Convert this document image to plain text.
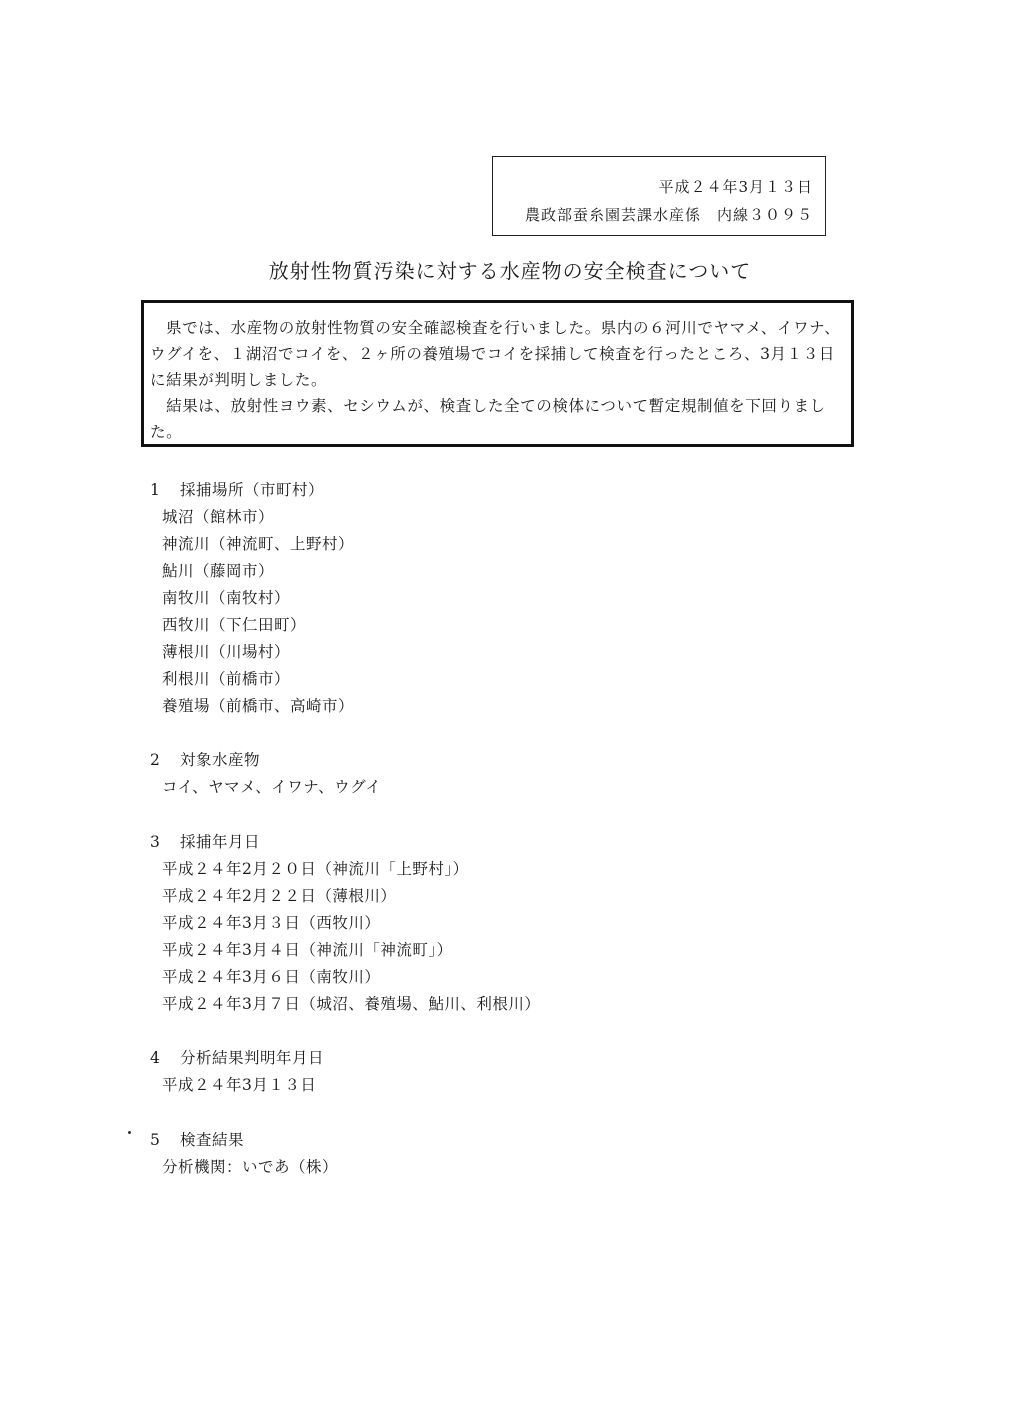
平成２４年3月１３日
農政部蚕糸園芸課水産係　内線３０９５
放射性物質汚染に対する水産物の安全検査について

　県では、水産物の放射性物質の安全確認検査を行いました。県内の６河川でヤマメ、イワナ、ウグイを、１湖沼でコイを、２ヶ所の養殖場でコイを採捕して検査を行ったところ、3月１３日に結果が判明しました。

　結果は、放射性ヨウ素、セシウムが、検査した全ての検体について暫定規制値を下回りました。

1 採捕場所（市町村）
城沼（館林市）
神流川（神流町、上野村）
鮎川（藤岡市）
南牧川（南牧村）
西牧川（下仁田町）
薄根川（川場村）
利根川（前橋市）
養殖場（前橋市、高崎市）
2 対象水産物
コイ、ヤマメ、イワナ、ウグイ
3 採捕年月日
平成２４年2月２０日（神流川「上野村」）
平成２４年2月２２日（薄根川）
平成２４年3月３日（西牧川）
平成２４年3月４日（神流川「神流町」）
平成２４年3月６日（南牧川）
平成２４年3月７日（城沼、養殖場、鮎川、利根川）
4 分析結果判明年月日
平成２４年3月１３日
5 検査結果
分析機関：いであ（株）
